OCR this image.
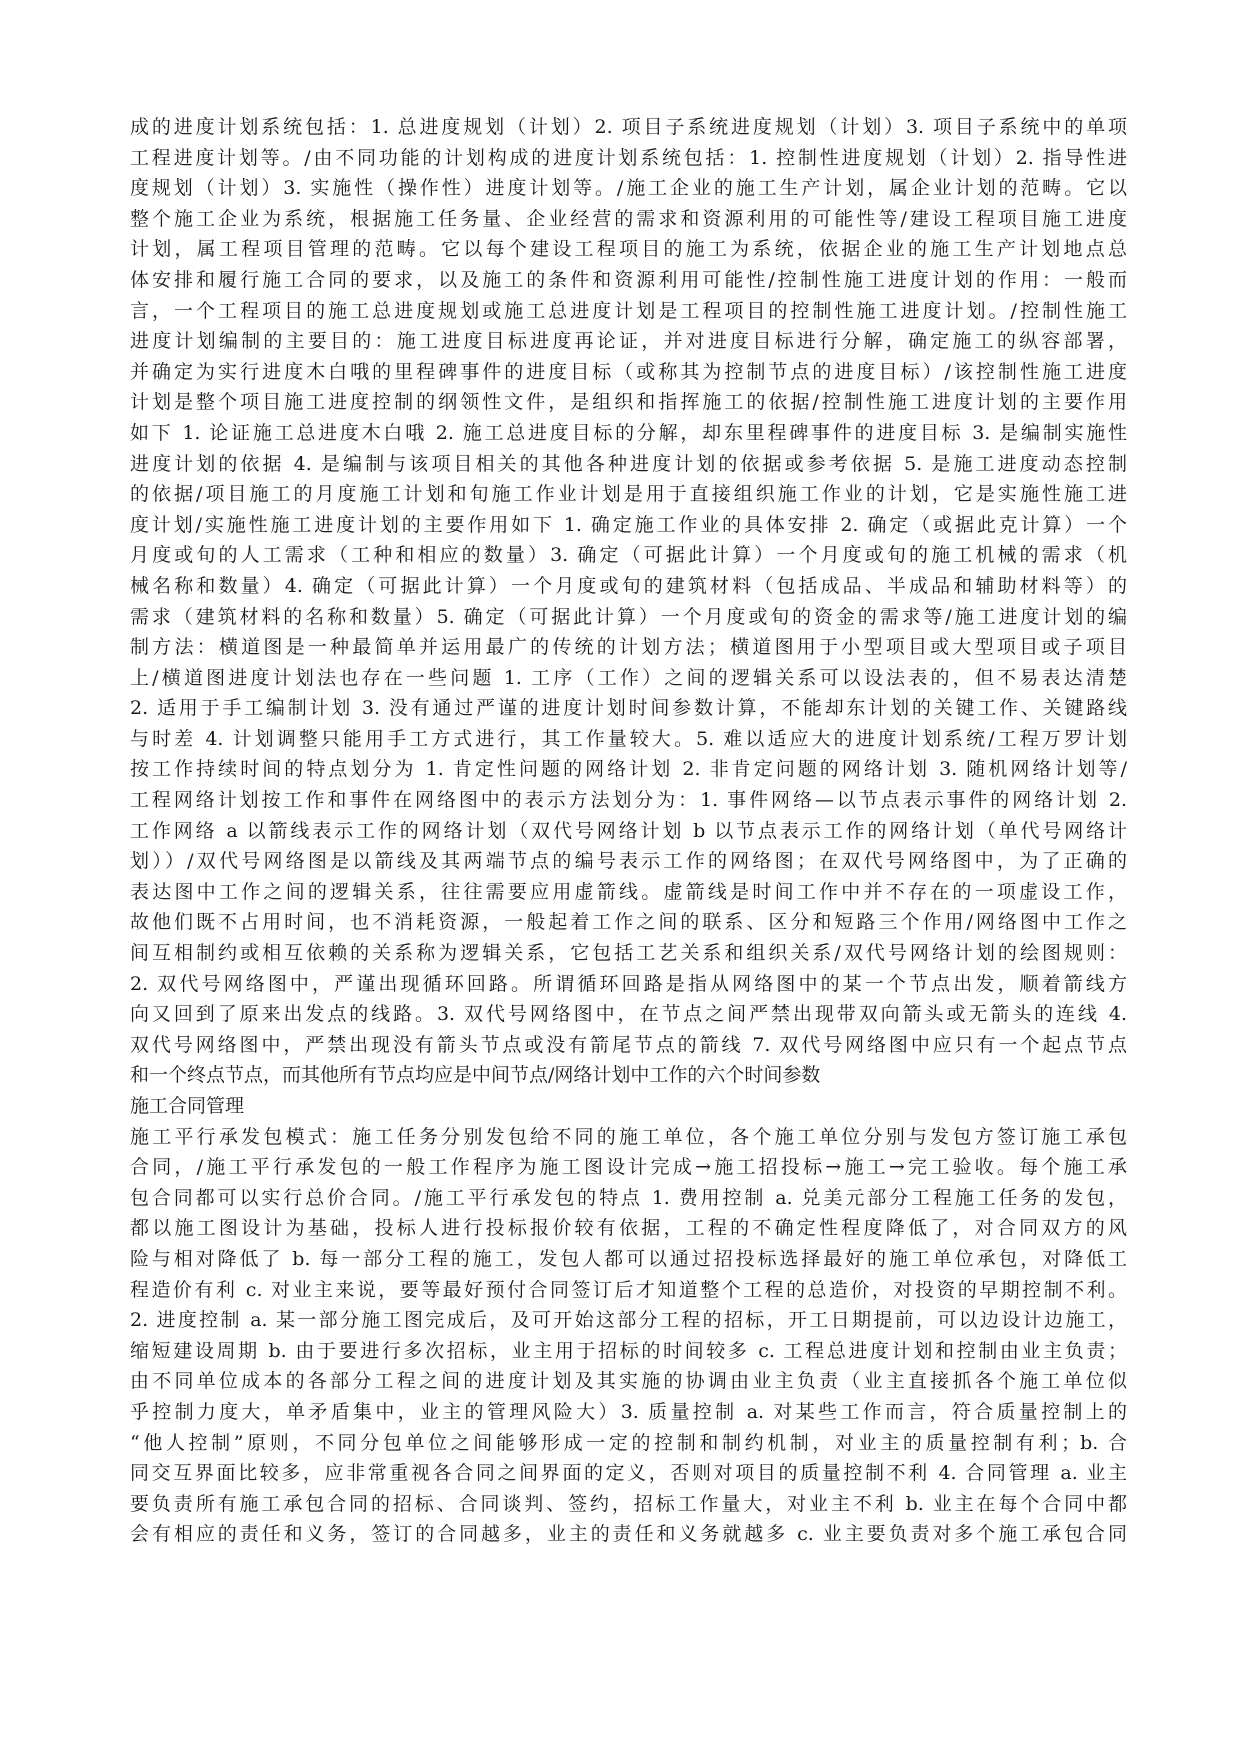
成的进度计划系统包括：1. 总进度规划（计划）2. 项目子系统进度规划（计划）3. 项目子系统中的单项
工程进度计划等。/由不同功能的计划构成的进度计划系统包括：1. 控制性进度规划（计划）2. 指导性进
度规划（计划）3. 实施性（操作性）进度计划等。/施工企业的施工生产计划，属企业计划的范畴。它以
整个施工企业为系统，根据施工任务量、企业经营的需求和资源利用的可能性等/建设工程项目施工进度
计划，属工程项目管理的范畴。它以每个建设工程项目的施工为系统，依据企业的施工生产计划地点总
体安排和履行施工合同的要求，以及施工的条件和资源利用可能性/控制性施工进度计划的作用：一般而
言，一个工程项目的施工总进度规划或施工总进度计划是工程项目的控制性施工进度计划。/控制性施工
进度计划编制的主要目的：施工进度目标进度再论证，并对进度目标进行分解，确定施工的纵容部署，
并确定为实行进度木白哦的里程碑事件的进度目标（或称其为控制节点的进度目标）/该控制性施工进度
计划是整个项目施工进度控制的纲领性文件，是组织和指挥施工的依据/控制性施工进度计划的主要作用
如下 1. 论证施工总进度木白哦 2. 施工总进度目标的分解，却东里程碑事件的进度目标 3. 是编制实施性
进度计划的依据 4. 是编制与该项目相关的其他各种进度计划的依据或参考依据 5. 是施工进度动态控制
的依据/项目施工的月度施工计划和旬施工作业计划是用于直接组织施工作业的计划，它是实施性施工进
度计划/实施性施工进度计划的主要作用如下 1. 确定施工作业的具体安排 2. 确定（或据此克计算）一个
月度或旬的人工需求（工种和相应的数量）3. 确定（可据此计算）一个月度或旬的施工机械的需求（机
械名称和数量）4. 确定（可据此计算）一个月度或旬的建筑材料（包括成品、半成品和辅助材料等）的
需求（建筑材料的名称和数量）5. 确定（可据此计算）一个月度或旬的资金的需求等/施工进度计划的编
制方法：横道图是一种最简单并运用最广的传统的计划方法；横道图用于小型项目或大型项目或子项目
上/横道图进度计划法也存在一些问题 1. 工序（工作）之间的逻辑关系可以设法表的，但不易表达清楚
2. 适用于手工编制计划 3. 没有通过严谨的进度计划时间参数计算，不能却东计划的关键工作、关键路线
与时差 4. 计划调整只能用手工方式进行，其工作量较大。5. 难以适应大的进度计划系统/工程万罗计划
按工作持续时间的特点划分为 1. 肯定性问题的网络计划 2. 非肯定问题的网络计划 3. 随机网络计划等/
工程网络计划按工作和事件在网络图中的表示方法划分为：1. 事件网络—以节点表示事件的网络计划 2.
工作网络 a 以箭线表示工作的网络计划（双代号网络计划 b 以节点表示工作的网络计划（单代号网络计
划））/双代号网络图是以箭线及其两端节点的编号表示工作的网络图；在双代号网络图中，为了正确的
表达图中工作之间的逻辑关系，往往需要应用虚箭线。虚箭线是时间工作中并不存在的一项虚设工作，
故他们既不占用时间，也不消耗资源，一般起着工作之间的联系、区分和短路三个作用/网络图中工作之
间互相制约或相互依赖的关系称为逻辑关系，它包括工艺关系和组织关系/双代号网络计划的绘图规则：
2. 双代号网络图中，严谨出现循环回路。所谓循环回路是指从网络图中的某一个节点出发，顺着箭线方
向又回到了原来出发点的线路。3. 双代号网络图中，在节点之间严禁出现带双向箭头或无箭头的连线 4.
双代号网络图中，严禁出现没有箭头节点或没有箭尾节点的箭线 7. 双代号网络图中应只有一个起点节点
和一个终点节点，而其他所有节点均应是中间节点/网络计划中工作的六个时间参数
施工合同管理
施工平行承发包模式：施工任务分别发包给不同的施工单位，各个施工单位分别与发包方签订施工承包
合同，/施工平行承发包的一般工作程序为施工图设计完成→施工招投标→施工→完工验收。每个施工承
包合同都可以实行总价合同。/施工平行承发包的特点 1. 费用控制 a. 兑美元部分工程施工任务的发包，
都以施工图设计为基础，投标人进行投标报价较有依据，工程的不确定性程度降低了，对合同双方的风
险与相对降低了 b. 每一部分工程的施工，发包人都可以通过招投标选择最好的施工单位承包，对降低工
程造价有利 c. 对业主来说，要等最好预付合同签订后才知道整个工程的总造价，对投资的早期控制不利。
2. 进度控制 a. 某一部分施工图完成后，及可开始这部分工程的招标，开工日期提前，可以边设计边施工，
缩短建设周期 b. 由于要进行多次招标，业主用于招标的时间较多 c. 工程总进度计划和控制由业主负责；
由不同单位成本的各部分工程之间的进度计划及其实施的协调由业主负责（业主直接抓各个施工单位似
乎控制力度大，单矛盾集中，业主的管理风险大）3. 质量控制 a. 对某些工作而言，符合质量控制上的
“他人控制”原则，不同分包单位之间能够形成一定的控制和制约机制，对业主的质量控制有利；b. 合
同交互界面比较多，应非常重视各合同之间界面的定义，否则对项目的质量控制不利 4. 合同管理 a. 业主
要负责所有施工承包合同的招标、合同谈判、签约，招标工作量大，对业主不利 b. 业主在每个合同中都
会有相应的责任和义务，签订的合同越多，业主的责任和义务就越多 c. 业主要负责对多个施工承包合同
